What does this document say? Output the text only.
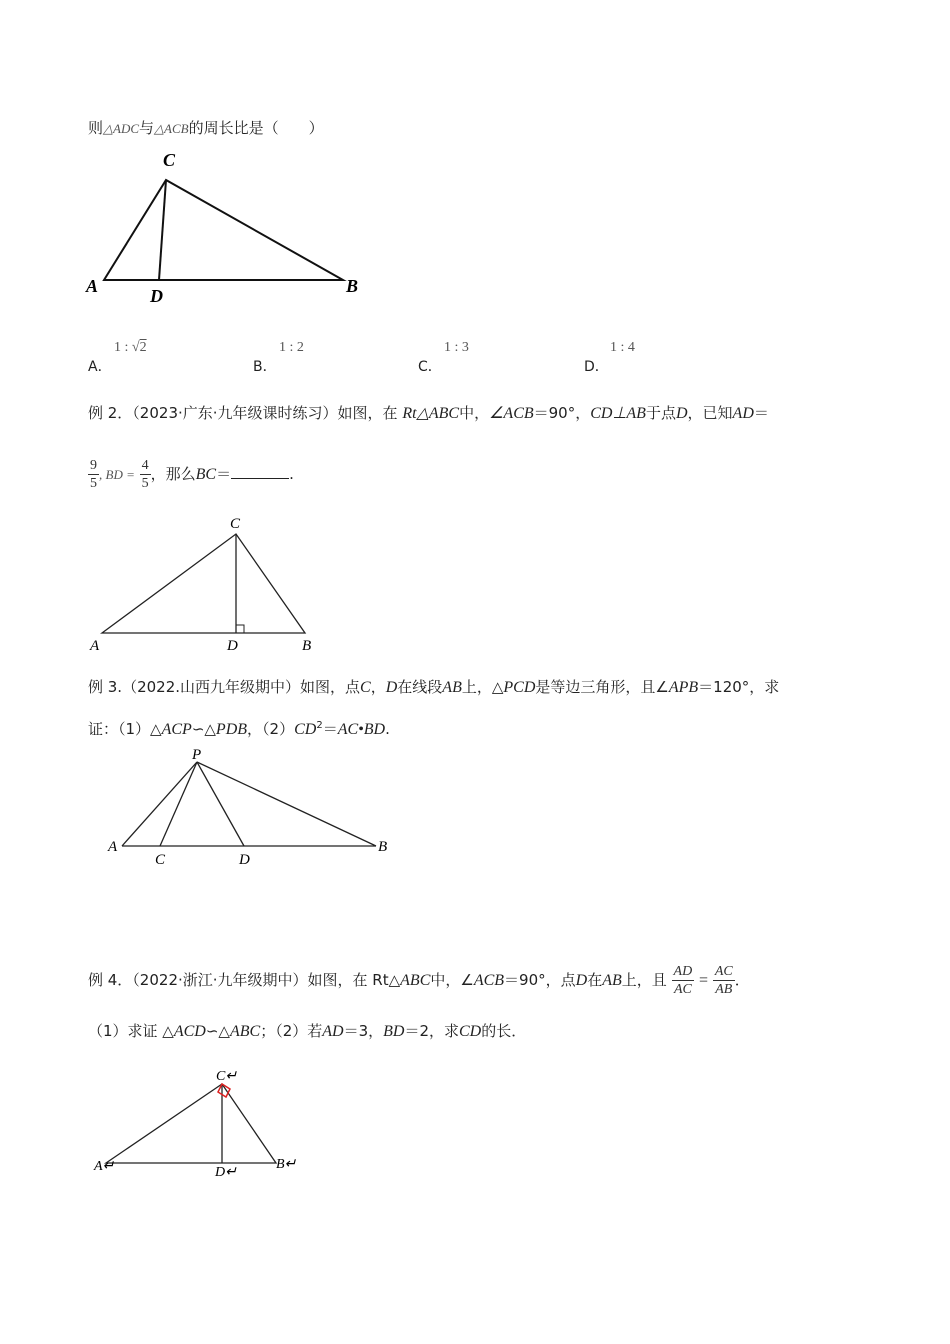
则△ADC与△ACB的周长比是（　　）
C
A	D	B
A．
1 : √2
B．
1 : 2
C．
1 : 3
D．
1 : 4
例 2．（2023·广东·九年级课时练习）如图，在 Rt△ABC中，∠ACB＝90°，CD⊥AB于点D，已知AD＝
$\frac{9}{5}$ , BD = $\frac{4}{5}$ ，那么BC＝	.
C
A	D	B
例 3.（2022.山西九年级期中）如图，点C，D在线段AB上，△PCD是等边三角形，且∠APB＝120°，求
证：（1）△ACP∽△PDB，$(2)CD^2=AC•BD$.
P
A
C	D
B
例 4．（2022·浙江·九年级期中）如图，在 Rt△ABC中，∠ACB＝90°，点D在AB上，且 $\frac{AD}{AC} = \frac{AC}{AB}$ ．
（1）求证 △ACD∽△ABC；（2）若AD＝3，BD＝2，求CD的长．
C↵
A↵	D↵
B↵
